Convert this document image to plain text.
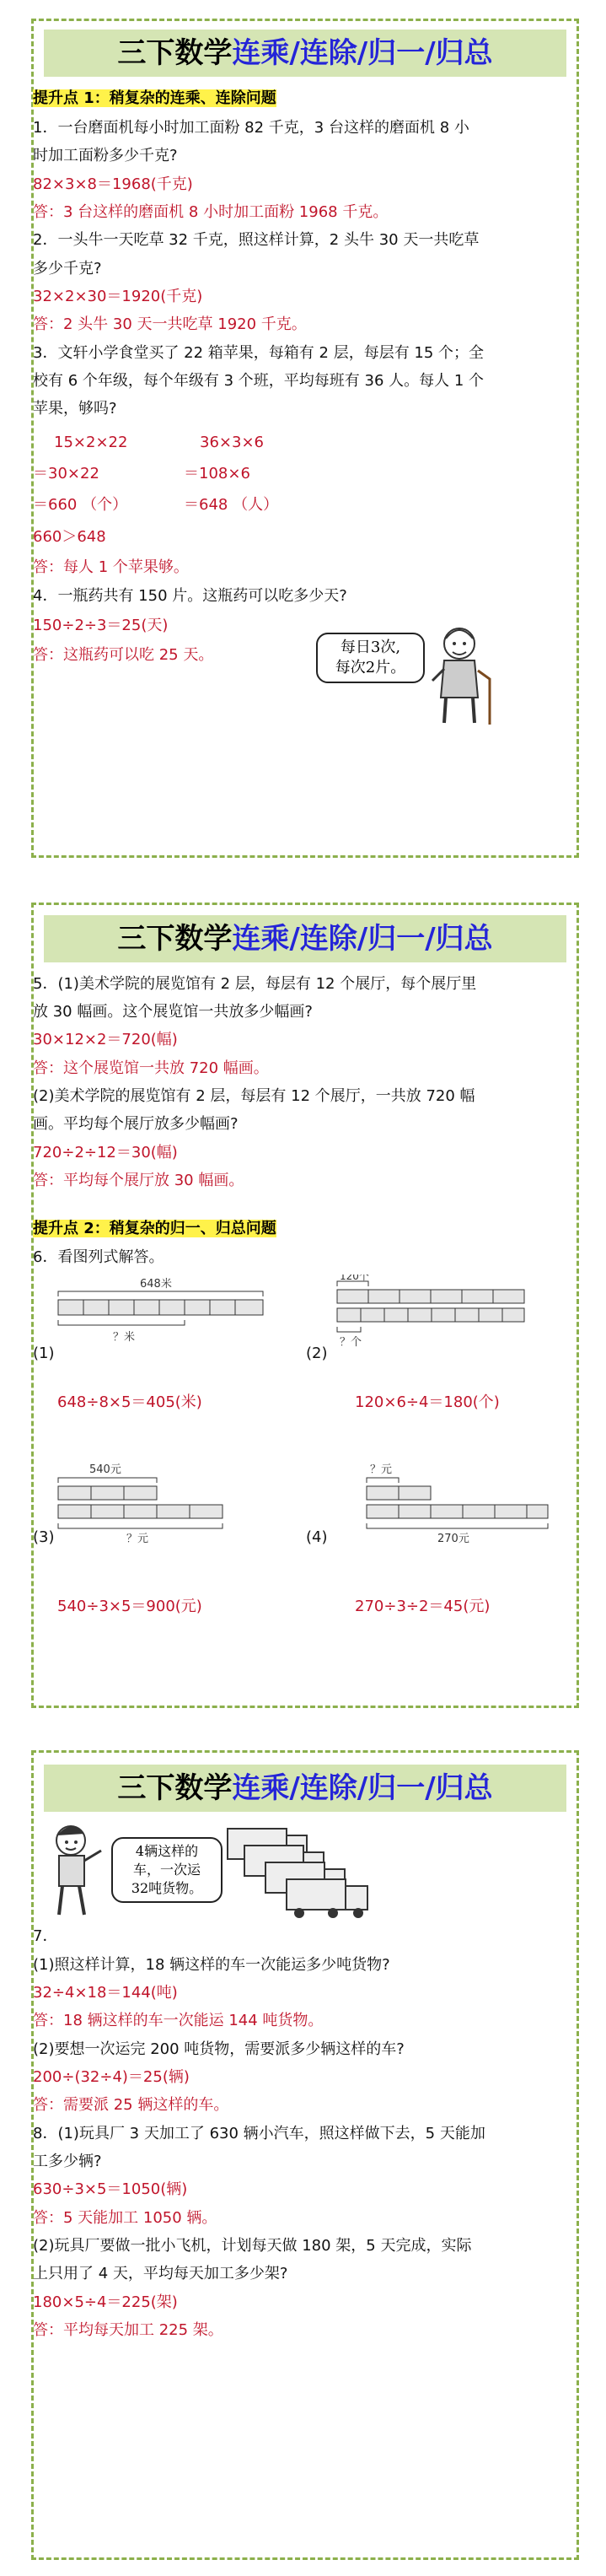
三下数学连乘/连除/归一/归总

提升点 1：稍复杂的连乘、连除问题

1．一台磨面机每小时加工面粉 82 千克，3 台这样的磨面机 8 小

时加工面粉多少千克?

82×3×8＝1968(千克)

答：3 台这样的磨面机 8 小时加工面粉 1968 千克。

2．一头牛一天吃草 32 千克，照这样计算，2 头牛 30 天一共吃草

多少千克?

32×2×30＝1920(千克)

答：2 头牛 30 天一共吃草 1920 千克。

3．文轩小学食堂买了 22 箱苹果，每箱有 2 层，每层有 15 个；全

校有 6 个年级，每个年级有 3 个班，平均每班有 36 人。每人 1 个

苹果，够吗?

15×2×22

＝30×22

＝660 （个）

36×3×6

＝108×6

＝648 （人）

660＞648

答：每人 1 个苹果够。

4．一瓶药共有 150 片。这瓶药可以吃多少天?

150÷2÷3＝25(天)

答：这瓶药可以吃 25 天。	每日3次,
每次2片。
三下数学连乘/连除/归一/归总

5．(1)美术学院的展览馆有 2 层，每层有 12 个展厅，每个展厅里

放 30 幅画。这个展览馆一共放多少幅画?

30×12×2＝720(幅)

答：这个展览馆一共放 720 幅画。

(2)美术学院的展览馆有 2 层，每层有 12 个展厅，一共放 720 幅

画。平均每个展厅放多少幅画?

720÷2÷12＝30(幅)

答：平均每个展厅放 30 幅画。

提升点 2：稍复杂的归一、归总问题

6．看图列式解答。

(1)

648米
？米

648÷8×5＝405(米)

(2)

120个
？个

120×6÷4＝180(个)

(3)

540元
？元

540÷3×5＝900(元)

(4)

？元
270元

270÷3÷2＝45(元)

三下数学连乘/连除/归一/归总
4辆这样的
车，一次运
32吨货物。

7．

(1)照这样计算，18 辆这样的车一次能运多少吨货物?

32÷4×18＝144(吨)

答：18 辆这样的车一次能运 144 吨货物。

(2)要想一次运完 200 吨货物，需要派多少辆这样的车?

200÷(32÷4)＝25(辆)

答：需要派 25 辆这样的车。

8．(1)玩具厂 3 天加工了 630 辆小汽车，照这样做下去，5 天能加

工多少辆?

630÷3×5＝1050(辆)

答：5 天能加工 1050 辆。

(2)玩具厂要做一批小飞机，计划每天做 180 架，5 天完成，实际

上只用了 4 天，平均每天加工多少架?

180×5÷4＝225(架)

答：平均每天加工 225 架。
